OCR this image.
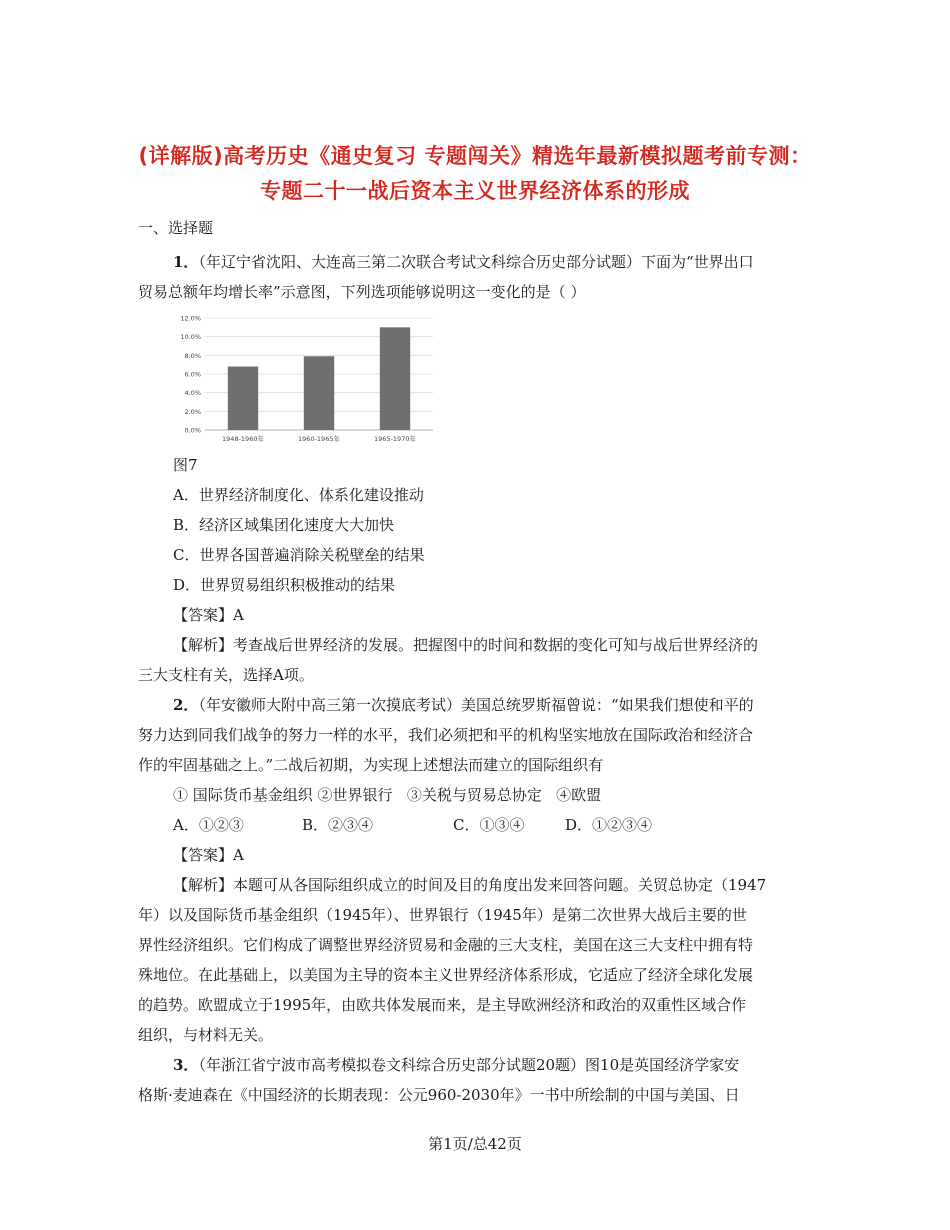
(详解版)高考历史《通史复习 专题闯关》精选年最新模拟题考前专测：
专题二十一战后资本主义世界经济体系的形成
一、选择题
1．（年辽宁省沈阳、大连高三第二次联合考试文科综合历史部分试题）下面为“世界出口
贸易总额年均增长率”示意图，下列选项能够说明这一变化的是（ ）
0.0%
2.0%
4.0%
6.0%
8.0%
10.0%
12.0%
1948-1960年	1960-1965年	1965-1970年
图7
A．世界经济制度化、体系化建设推动
B．经济区域集团化速度大大加快
C．世界各国普遍消除关税壁垒的结果
D．世界贸易组织积极推动的结果
【答案】A
【解析】考查战后世界经济的发展。把握图中的时间和数据的变化可知与战后世界经济的
三大支柱有关，选择A项。
2．（年安徽师大附中高三第一次摸底考试）美国总统罗斯福曾说：“如果我们想使和平的
努力达到同我们战争的努力一样的水平，我们必须把和平的机构坚实地放在国际政治和经济合
作的牢固基础之上。”二战后初期，为实现上述想法而建立的国际组织有
① 国际货币基金组织 ②世界银行   ③关税与贸易总协定   ④欧盟
A．①②③	B．②③④	C．①③④	D．①②③④
【答案】A
【解析】本题可从各国际组织成立的时间及目的角度出发来回答问题。关贸总协定（1947
年）以及国际货币基金组织（1945年）、世界银行（1945年）是第二次世界大战后主要的世
界性经济组织。它们构成了调整世界经济贸易和金融的三大支柱，美国在这三大支柱中拥有特
殊地位。在此基础上，以美国为主导的资本主义世界经济体系形成，它适应了经济全球化发展
的趋势。欧盟成立于1995年，由欧共体发展而来，是主导欧洲经济和政治的双重性区域合作
组织，与材料无关。
3．（年浙江省宁波市高考模拟卷文科综合历史部分试题20题）图10是英国经济学家安
格斯·麦迪森在《中国经济的长期表现：公元960-2030年》一书中所绘制的中国与美国、日
第1页/总42页
